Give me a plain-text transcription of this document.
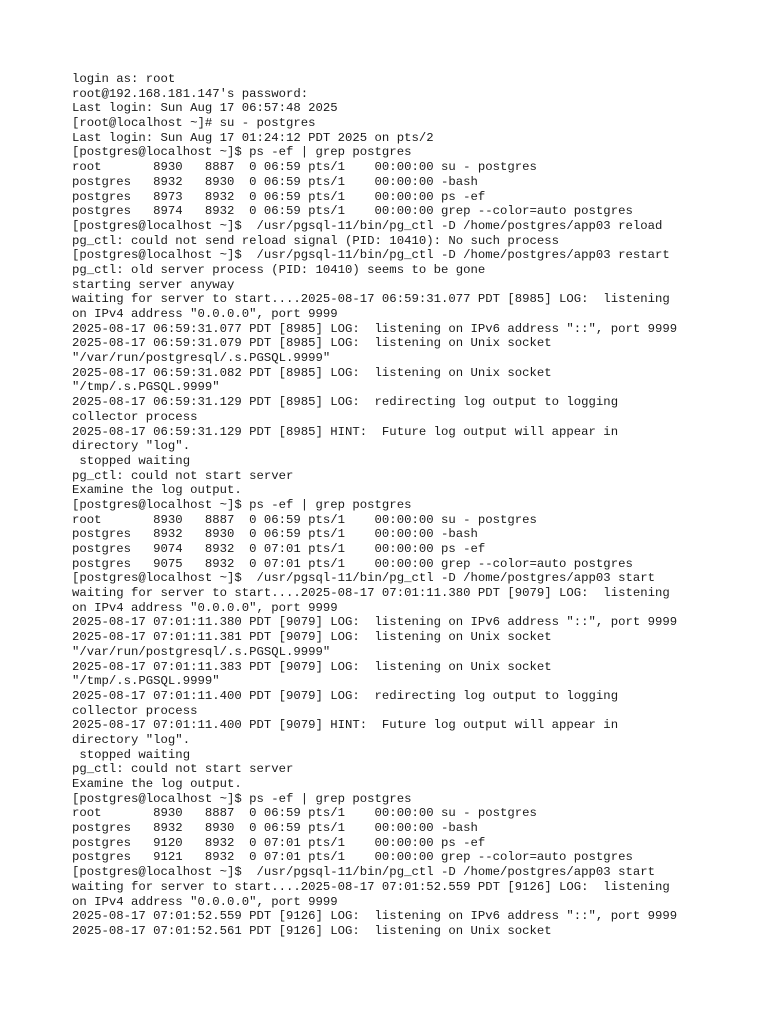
login as: root
root@192.168.181.147's password:
Last login: Sun Aug 17 06:57:48 2025
[root@localhost ~]# su - postgres
Last login: Sun Aug 17 01:24:12 PDT 2025 on pts/2
[postgres@localhost ~]$ ps -ef | grep postgres
root       8930   8887  0 06:59 pts/1    00:00:00 su - postgres
postgres   8932   8930  0 06:59 pts/1    00:00:00 -bash
postgres   8973   8932  0 06:59 pts/1    00:00:00 ps -ef
postgres   8974   8932  0 06:59 pts/1    00:00:00 grep --color=auto postgres
[postgres@localhost ~]$  /usr/pgsql-11/bin/pg_ctl -D /home/postgres/app03 reload
pg_ctl: could not send reload signal (PID: 10410): No such process
[postgres@localhost ~]$  /usr/pgsql-11/bin/pg_ctl -D /home/postgres/app03 restart
pg_ctl: old server process (PID: 10410) seems to be gone
starting server anyway
waiting for server to start....2025-08-17 06:59:31.077 PDT [8985] LOG:  listening
on IPv4 address "0.0.0.0", port 9999
2025-08-17 06:59:31.077 PDT [8985] LOG:  listening on IPv6 address "::", port 9999
2025-08-17 06:59:31.079 PDT [8985] LOG:  listening on Unix socket
"/var/run/postgresql/.s.PGSQL.9999"
2025-08-17 06:59:31.082 PDT [8985] LOG:  listening on Unix socket
"/tmp/.s.PGSQL.9999"
2025-08-17 06:59:31.129 PDT [8985] LOG:  redirecting log output to logging
collector process
2025-08-17 06:59:31.129 PDT [8985] HINT:  Future log output will appear in
directory "log".
stopped waiting
pg_ctl: could not start server
Examine the log output.
[postgres@localhost ~]$ ps -ef | grep postgres
root       8930   8887  0 06:59 pts/1    00:00:00 su - postgres
postgres   8932   8930  0 06:59 pts/1    00:00:00 -bash
postgres   9074   8932  0 07:01 pts/1    00:00:00 ps -ef
postgres   9075   8932  0 07:01 pts/1    00:00:00 grep --color=auto postgres
[postgres@localhost ~]$  /usr/pgsql-11/bin/pg_ctl -D /home/postgres/app03 start
waiting for server to start....2025-08-17 07:01:11.380 PDT [9079] LOG:  listening
on IPv4 address "0.0.0.0", port 9999
2025-08-17 07:01:11.380 PDT [9079] LOG:  listening on IPv6 address "::", port 9999
2025-08-17 07:01:11.381 PDT [9079] LOG:  listening on Unix socket
"/var/run/postgresql/.s.PGSQL.9999"
2025-08-17 07:01:11.383 PDT [9079] LOG:  listening on Unix socket
"/tmp/.s.PGSQL.9999"
2025-08-17 07:01:11.400 PDT [9079] LOG:  redirecting log output to logging
collector process
2025-08-17 07:01:11.400 PDT [9079] HINT:  Future log output will appear in
directory "log".
stopped waiting
pg_ctl: could not start server
Examine the log output.
[postgres@localhost ~]$ ps -ef | grep postgres
root       8930   8887  0 06:59 pts/1    00:00:00 su - postgres
postgres   8932   8930  0 06:59 pts/1    00:00:00 -bash
postgres   9120   8932  0 07:01 pts/1    00:00:00 ps -ef
postgres   9121   8932  0 07:01 pts/1    00:00:00 grep --color=auto postgres
[postgres@localhost ~]$  /usr/pgsql-11/bin/pg_ctl -D /home/postgres/app03 start
waiting for server to start....2025-08-17 07:01:52.559 PDT [9126] LOG:  listening
on IPv4 address "0.0.0.0", port 9999
2025-08-17 07:01:52.559 PDT [9126] LOG:  listening on IPv6 address "::", port 9999
2025-08-17 07:01:52.561 PDT [9126] LOG:  listening on Unix socket
